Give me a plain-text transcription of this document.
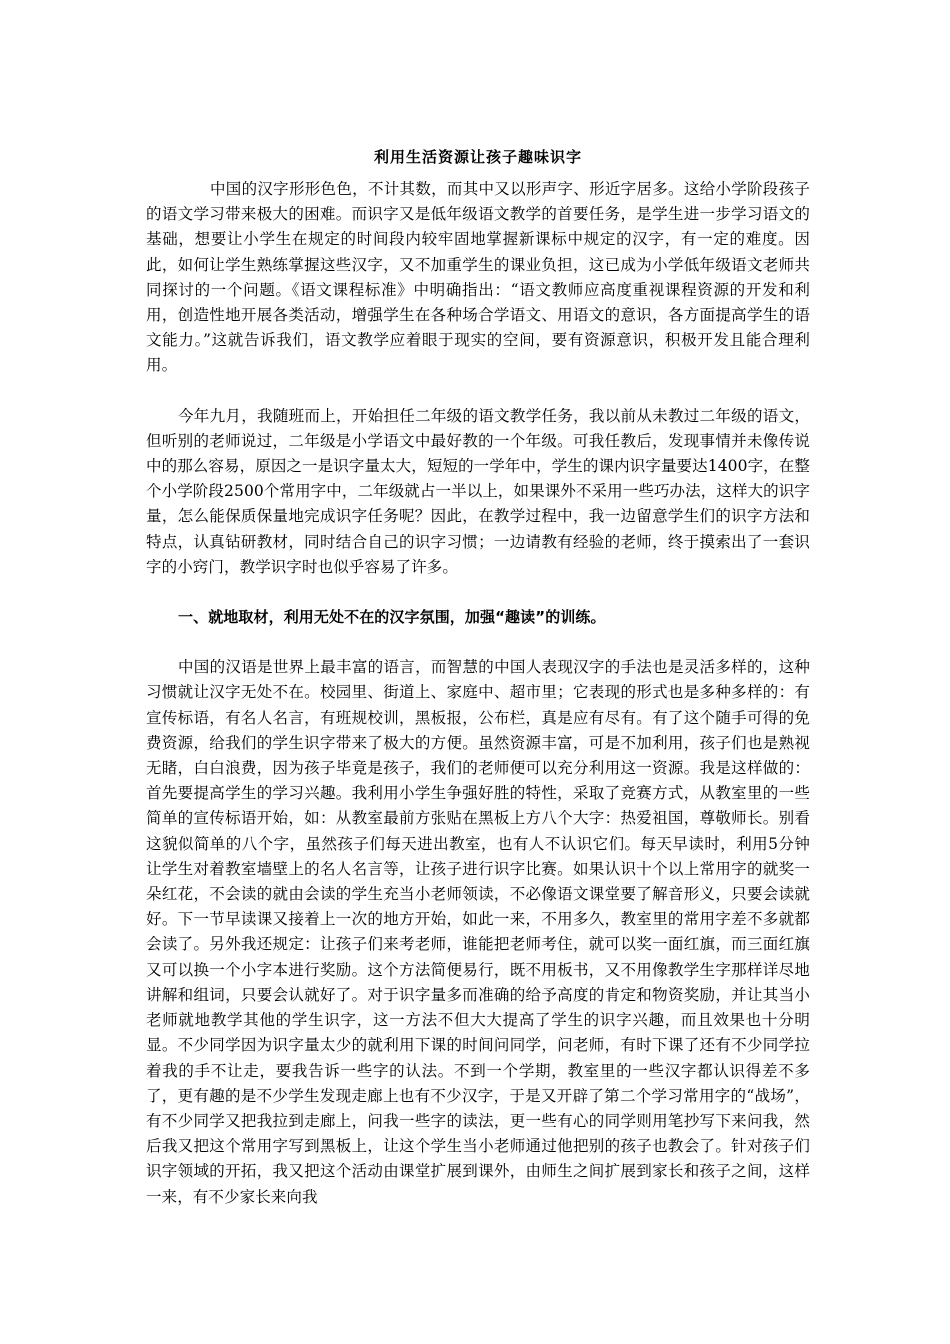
利用生活资源让孩子趣味识字

中国的汉字形形色色，不计其数，而其中又以形声字、形近字居多。这给小学阶段孩子的语文学习带来极大的困难。而识字又是低年级语文教学的首要任务，是学生进一步学习语文的基础，想要让小学生在规定的时间段内较牢固地掌握新课标中规定的汉字，有一定的难度。因此，如何让学生熟练掌握这些汉字，又不加重学生的课业负担，这已成为小学低年级语文老师共同探讨的一个问题。《语文课程标准》中明确指出：“语文教师应高度重视课程资源的开发和利用，创造性地开展各类活动，增强学生在各种场合学语文、用语文的意识，各方面提高学生的语文能力。”这就告诉我们，语文教学应着眼于现实的空间，要有资源意识，积极开发且能合理利用。

今年九月，我随班而上，开始担任二年级的语文教学任务，我以前从未教过二年级的语文，但听别的老师说过，二年级是小学语文中最好教的一个年级。可我任教后，发现事情并未像传说中的那么容易，原因之一是识字量太大，短短的一学年中，学生的课内识字量要达1400字，在整个小学阶段2500个常用字中，二年级就占一半以上，如果课外不采用一些巧办法，这样大的识字量，怎么能保质保量地完成识字任务呢？因此，在教学过程中，我一边留意学生们的识字方法和特点，认真钻研教材，同时结合自己的识字习惯；一边请教有经验的老师，终于摸索出了一套识字的小窍门，教学识字时也似乎容易了许多。

一、就地取材，利用无处不在的汉字氛围，加强“趣读”的训练。

中国的汉语是世界上最丰富的语言，而智慧的中国人表现汉字的手法也是灵活多样的，这种习惯就让汉字无处不在。校园里、街道上、家庭中、超市里；它表现的形式也是多种多样的：有宣传标语，有名人名言，有班规校训，黑板报，公布栏，真是应有尽有。有了这个随手可得的免费资源，给我们的学生识字带来了极大的方便。虽然资源丰富，可是不加利用，孩子们也是熟视无睹，白白浪费，因为孩子毕竟是孩子，我们的老师便可以充分利用这一资源。我是这样做的：首先要提高学生的学习兴趣。我利用小学生争强好胜的特性，采取了竞赛方式，从教室里的一些简单的宣传标语开始，如：从教室最前方张贴在黑板上方八个大字：热爱祖国，尊敬师长。别看这貌似简单的八个字，虽然孩子们每天进出教室，也有人不认识它们。每天早读时，利用5分钟让学生对着教室墙壁上的名人名言等，让孩子进行识字比赛。如果认识十个以上常用字的就奖一朵红花，不会读的就由会读的学生充当小老师领读，不必像语文课堂要了解音形义，只要会读就好。下一节早读课又接着上一次的地方开始，如此一来，不用多久，教室里的常用字差不多就都会读了。另外我还规定：让孩子们来考老师，谁能把老师考住，就可以奖一面红旗，而三面红旗又可以换一个小字本进行奖励。这个方法简便易行，既不用板书，又不用像教学生字那样详尽地讲解和组词，只要会认就好了。对于识字量多而准确的给予高度的肯定和物资奖励，并让其当小老师就地教学其他的学生识字，这一方法不但大大提高了学生的识字兴趣，而且效果也十分明显。不少同学因为识字量太少的就利用下课的时间问同学，问老师，有时下课了还有不少同学拉着我的手不让走，要我告诉一些字的认法。不到一个学期，教室里的一些汉字都认识得差不多了，更有趣的是不少学生发现走廊上也有不少汉字，于是又开辟了第二个学习常用字的“战场”，有不少同学又把我拉到走廊上，问我一些字的读法，更一些有心的同学则用笔抄写下来问我，然后我又把这个常用字写到黑板上，让这个学生当小老师通过他把别的孩子也教会了。针对孩子们识字领域的开拓，我又把这个活动由课堂扩展到课外，由师生之间扩展到家长和孩子之间，这样一来，有不少家长来向我
